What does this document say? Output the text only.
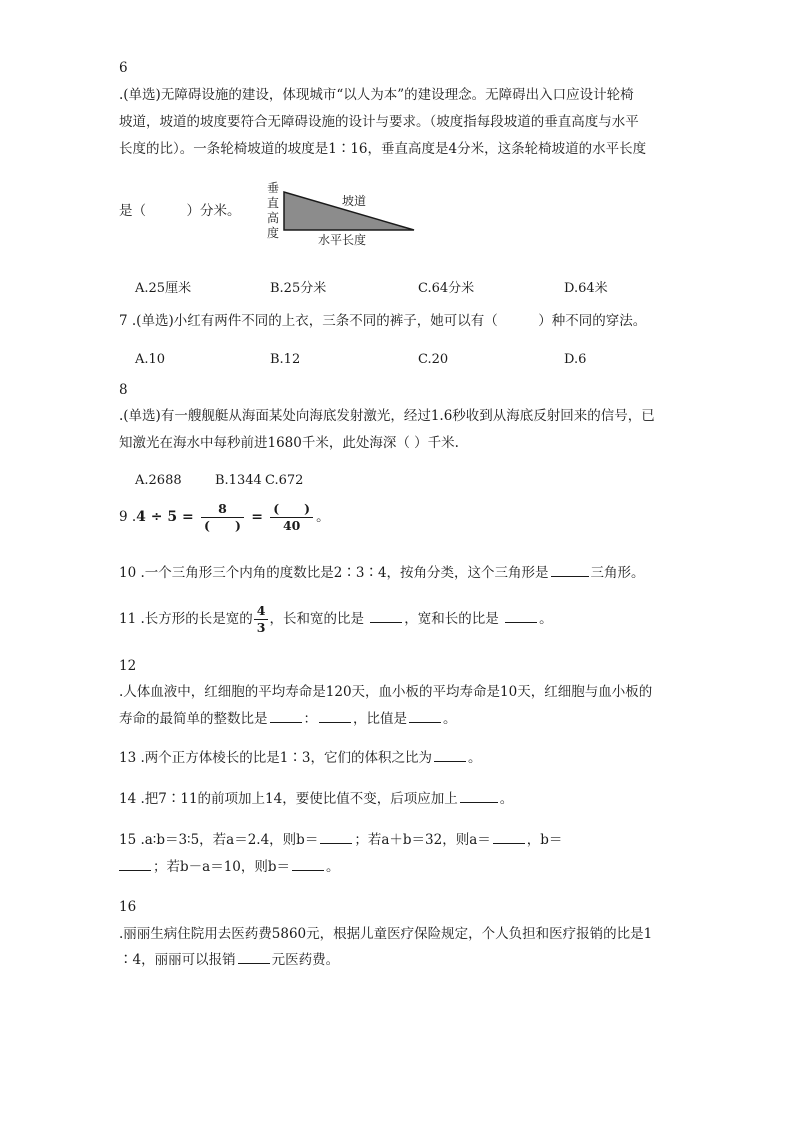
6
.(单选)无障碍设施的建设，体现城市“以人为本”的建设理念。无障碍出入口应设计轮椅
坡道，坡道的坡度要符合无障碍设施的设计与要求。（坡度指每段坡道的垂直高度与水平
长度的比）。一条轮椅坡道的坡度是1∶16，垂直高度是4分米，这条轮椅坡道的水平长度
是（　　　）分米。
垂
直
高
度
坡道
水平长度
A.25厘米	B.25分米	C.64分米	D.64米
7 .(单选)小红有两件不同的上衣，三条不同的裤子，她可以有（　　　）种不同的穿法。
A.10	B.12	C.20	D.6
8
.(单选)有一艘舰艇从海面某处向海底发射激光，经过1.6秒收到从海底反射回来的信号，已
知激光在海水中每秒前进1680千米，此处海深（ ）千米.
A.2688	B.1344 C.672
9 $.4 \div 5 = \frac{8}{( )} = \frac{( )}{40}$ 。
10 .一个三角形三个内角的度数比是2∶3∶4，按角分类，这个三角形是	三角形。
11 .长方形的长是宽的 $\frac{4}{3}$ ，长和宽的比是	，宽和长的比是	。
12
.人体血液中，红细胞的平均寿命是120天，血小板的平均寿命是10天，红细胞与血小板的
寿命的最简单的整数比是	：	，比值是	。
13 .两个正方体棱长的比是1∶3，它们的体积之比为	。
14 .把7∶11的前项加上14，要使比值不变，后项应加上	。
15 .a∶b＝3∶5，若a＝2.4，则b＝	；若a＋b＝32，则a＝	，b＝
；若b－a＝10，则b＝	。
16
.丽丽生病住院用去医药费5860元，根据儿童医疗保险规定，个人负担和医疗报销的比是1
∶4，丽丽可以报销	元医药费。
